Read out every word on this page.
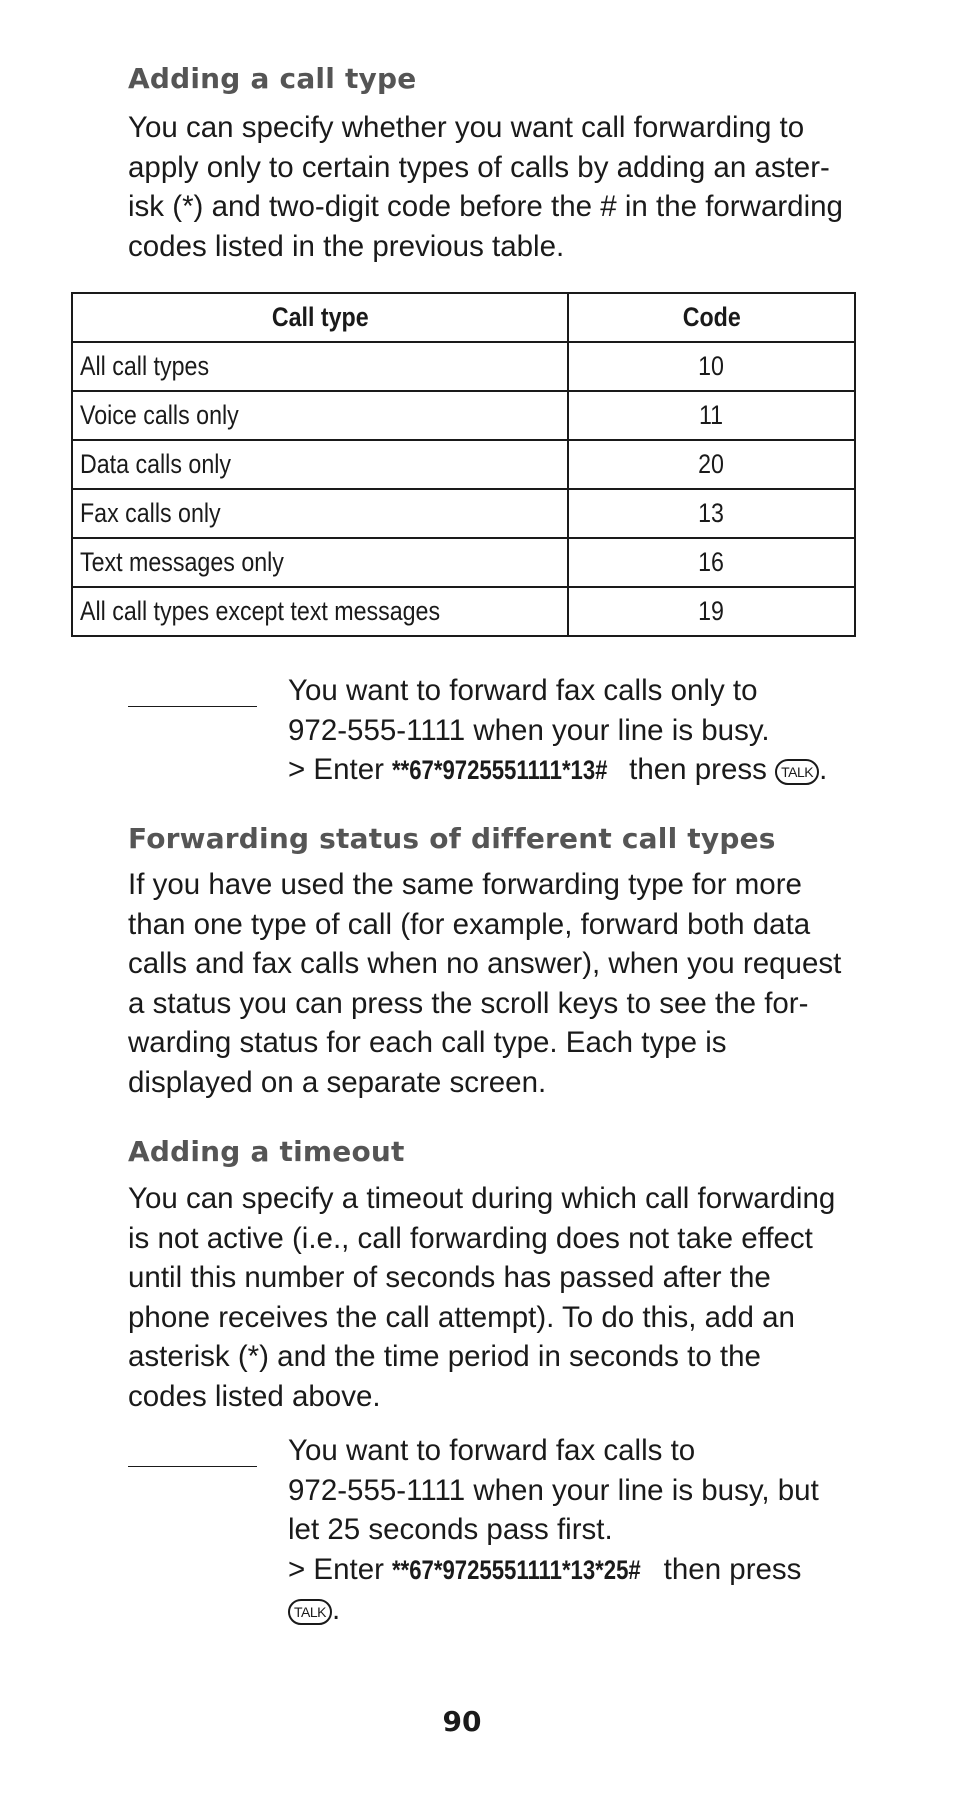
Adding a call type

You can specify whether you want call forwarding to
apply only to certain types of calls by adding an aster-
isk (*) and two-digit code before the # in the forwarding
codes listed in the previous table.

Call type	Code
All call types	10
Voice calls only	11
Data calls only	20
Fax calls only	13
Text messages only	16
All call types except text messages	19
You want to forward fax calls only to
972-555-1111 when your line is busy.
> Enter **67*9725551111*13# then press TALK .
Forwarding status of different call types

If you have used the same forwarding type for more
than one type of call (for example, forward both data
calls and fax calls when no answer), when you request
a status you can press the scroll keys to see the for-
warding status for each call type. Each type is
displayed on a separate screen.

Adding a timeout

You can specify a timeout during which call forwarding
is not active (i.e., call forwarding does not take effect
until this number of seconds has passed after the
phone receives the call attempt). To do this, add an
asterisk (*) and the time period in seconds to the
codes listed above.

You want to forward fax calls to
972-555-1111 when your line is busy, but
let 25 seconds pass first.
> Enter **67*9725551111*13*25# then press
TALK .
90
